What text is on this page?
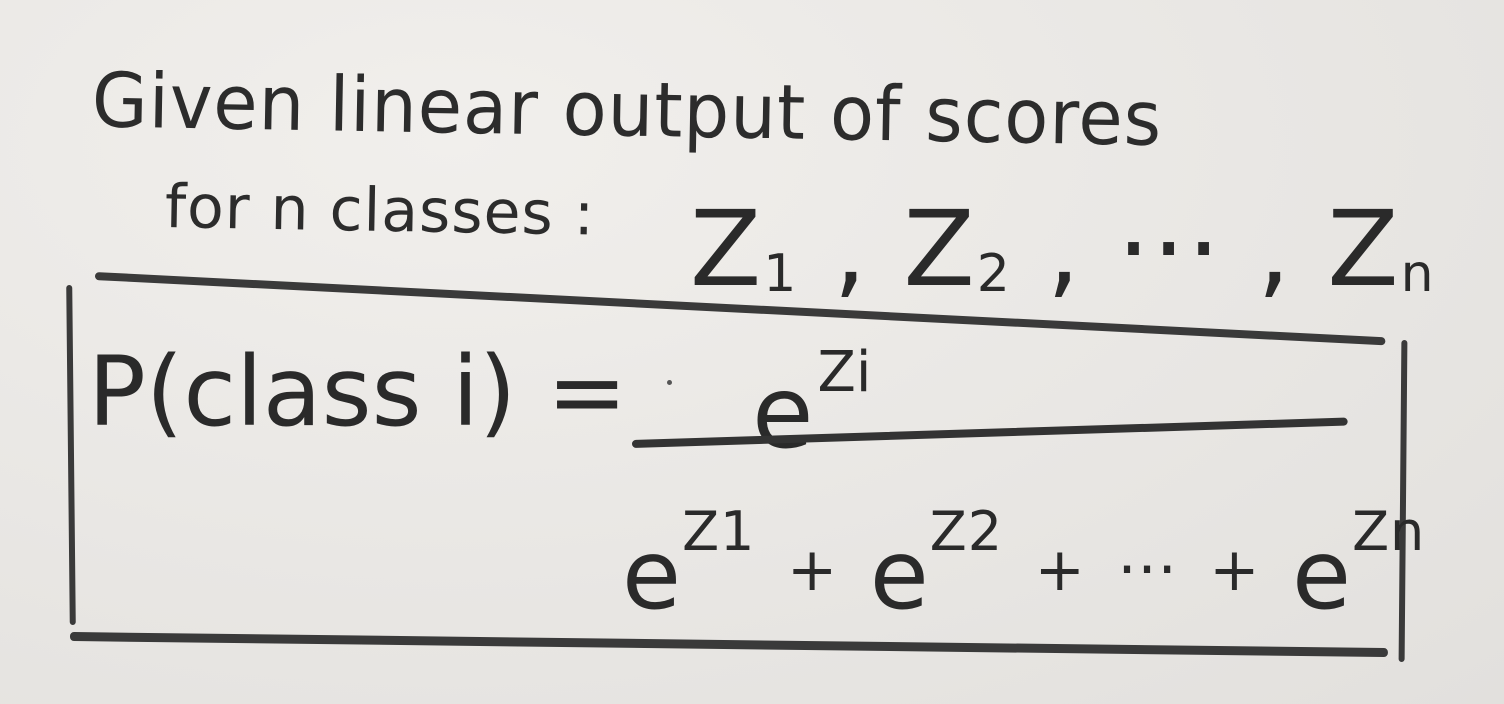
Given linear output of scores
for n classes : $Z_1$ , $Z_2$ , ··· , $Z_n$
P(class $i) = e^{Zi}$
$e^{Z1} + e^{Z2}$ + ··· + $e^{Zn}$
